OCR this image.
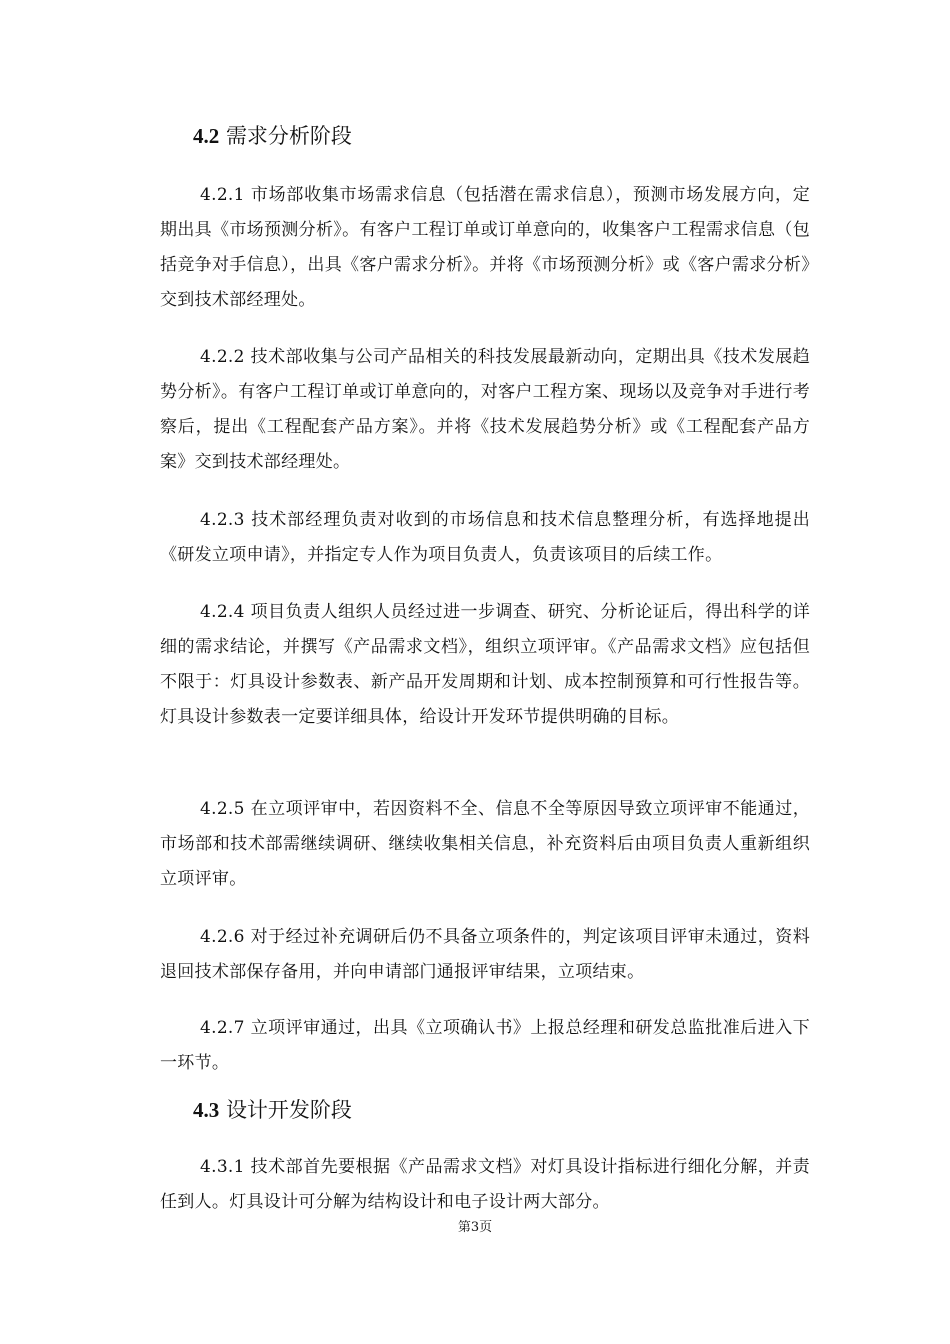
4.2 需求分析阶段

4.2.1 市场部收集市场需求信息（包括潜在需求信息），预测市场发展方向，定期出具《市场预测分析》。有客户工程订单或订单意向的，收集客户工程需求信息（包括竞争对手信息），出具《客户需求分析》。并将《市场预测分析》或《客户需求分析》交到技术部经理处。

4.2.2 技术部收集与公司产品相关的科技发展最新动向，定期出具《技术发展趋势分析》。有客户工程订单或订单意向的，对客户工程方案、现场以及竞争对手进行考察后，提出《工程配套产品方案》。并将《技术发展趋势分析》或《工程配套产品方案》交到技术部经理处。

4.2.3 技术部经理负责对收到的市场信息和技术信息整理分析，有选择地提出《研发立项申请》，并指定专人作为项目负责人，负责该项目的后续工作。

4.2.4 项目负责人组织人员经过进一步调查、研究、分析论证后，得出科学的详细的需求结论，并撰写《产品需求文档》，组织立项评审。《产品需求文档》应包括但不限于：灯具设计参数表、新产品开发周期和计划、成本控制预算和可行性报告等。灯具设计参数表一定要详细具体，给设计开发环节提供明确的目标。

4.2.5 在立项评审中，若因资料不全、信息不全等原因导致立项评审不能通过，市场部和技术部需继续调研、继续收集相关信息，补充资料后由项目负责人重新组织立项评审。

4.2.6 对于经过补充调研后仍不具备立项条件的，判定该项目评审未通过，资料退回技术部保存备用，并向申请部门通报评审结果，立项结束。

4.2.7 立项评审通过，出具《立项确认书》上报总经理和研发总监批准后进入下一环节。

4.3 设计开发阶段

4.3.1 技术部首先要根据《产品需求文档》对灯具设计指标进行细化分解，并责任到人。灯具设计可分解为结构设计和电子设计两大部分。

第3页
